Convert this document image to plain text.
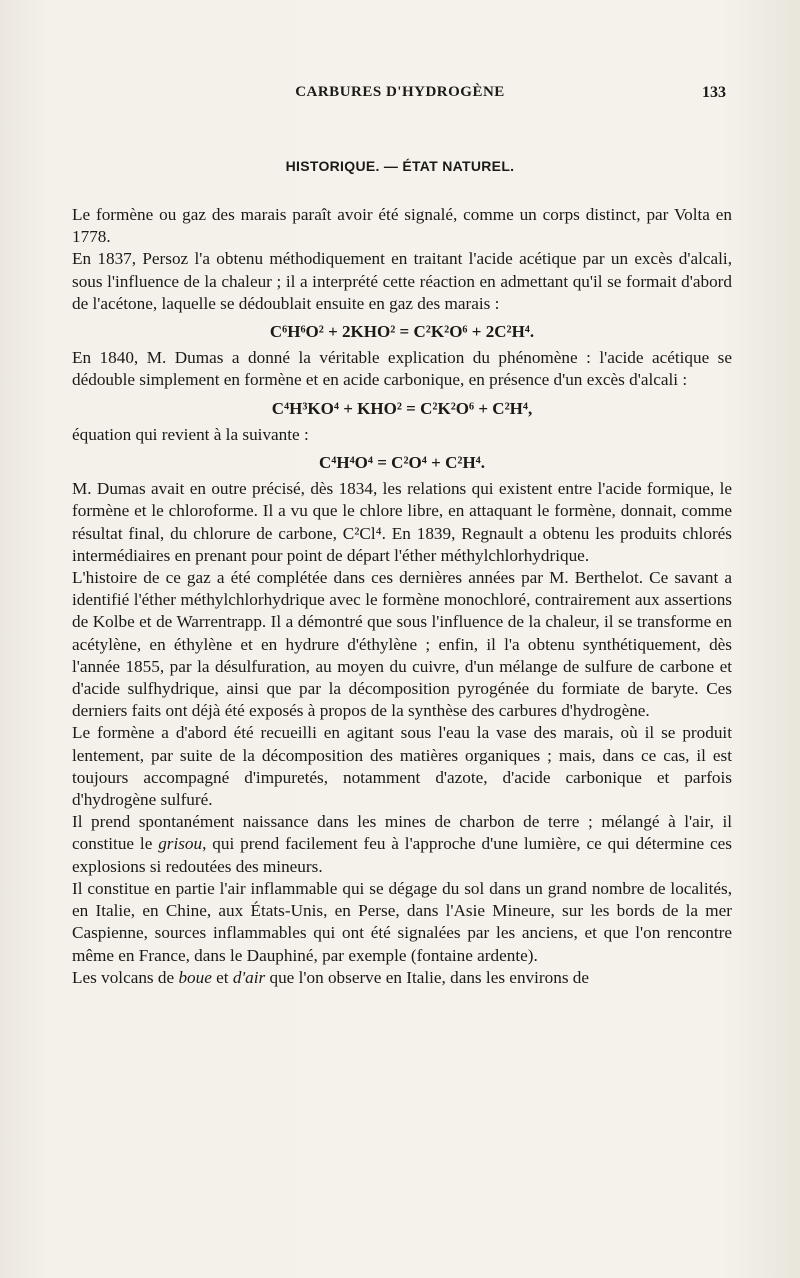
CARBURES D'HYDROGÈNE	133
HISTORIQUE. — ÉTAT NATUREL.

Le formène ou gaz des marais paraît avoir été signalé, comme un corps distinct, par Volta en 1778.

En 1837, Persoz l'a obtenu méthodiquement en traitant l'acide acétique par un excès d'alcali, sous l'influence de la chaleur ; il a interprété cette réaction en admettant qu'il se formait d'abord de l'acétone, laquelle se dédoublait ensuite en gaz des marais :

C⁶H⁶O² + 2KHO² = C²K²O⁶ + 2C²H⁴.

En 1840, M. Dumas a donné la véritable explication du phénomène : l'acide acétique se dédouble simplement en formène et en acide carbonique, en présence d'un excès d'alcali :

C⁴H³KO⁴ + KHO² = C²K²O⁶ + C²H⁴,

équation qui revient à la suivante :

C⁴H⁴O⁴ = C²O⁴ + C²H⁴.

M. Dumas avait en outre précisé, dès 1834, les relations qui existent entre l'acide formique, le formène et le chloroforme. Il a vu que le chlore libre, en attaquant le formène, donnait, comme résultat final, du chlorure de carbone, C²Cl⁴. En 1839, Regnault a obtenu les produits chlorés intermédiaires en prenant pour point de départ l'éther méthylchlorhydrique.

L'histoire de ce gaz a été complétée dans ces dernières années par M. Berthelot. Ce savant a identifié l'éther méthylchlorhydrique avec le formène monochloré, contrairement aux assertions de Kolbe et de Warrentrapp. Il a démontré que sous l'influence de la chaleur, il se transforme en acétylène, en éthylène et en hydrure d'éthylène ; enfin, il l'a obtenu synthétiquement, dès l'année 1855, par la désulfuration, au moyen du cuivre, d'un mélange de sulfure de carbone et d'acide sulfhydrique, ainsi que par la décomposition pyrogénée du formiate de baryte. Ces derniers faits ont déjà été exposés à propos de la synthèse des carbures d'hydrogène.

Le formène a d'abord été recueilli en agitant sous l'eau la vase des marais, où il se produit lentement, par suite de la décomposition des matières organiques ; mais, dans ce cas, il est toujours accompagné d'impuretés, notamment d'azote, d'acide carbonique et parfois d'hydrogène sulfuré.

Il prend spontanément naissance dans les mines de charbon de terre ; mélangé à l'air, il constitue le grisou, qui prend facilement feu à l'approche d'une lumière, ce qui détermine ces explosions si redoutées des mineurs.

Il constitue en partie l'air inflammable qui se dégage du sol dans un grand nombre de localités, en Italie, en Chine, aux États-Unis, en Perse, dans l'Asie Mineure, sur les bords de la mer Caspienne, sources inflammables qui ont été signalées par les anciens, et que l'on rencontre même en France, dans le Dauphiné, par exemple (fontaine ardente).

Les volcans de boue et d'air que l'on observe en Italie, dans les environs de
